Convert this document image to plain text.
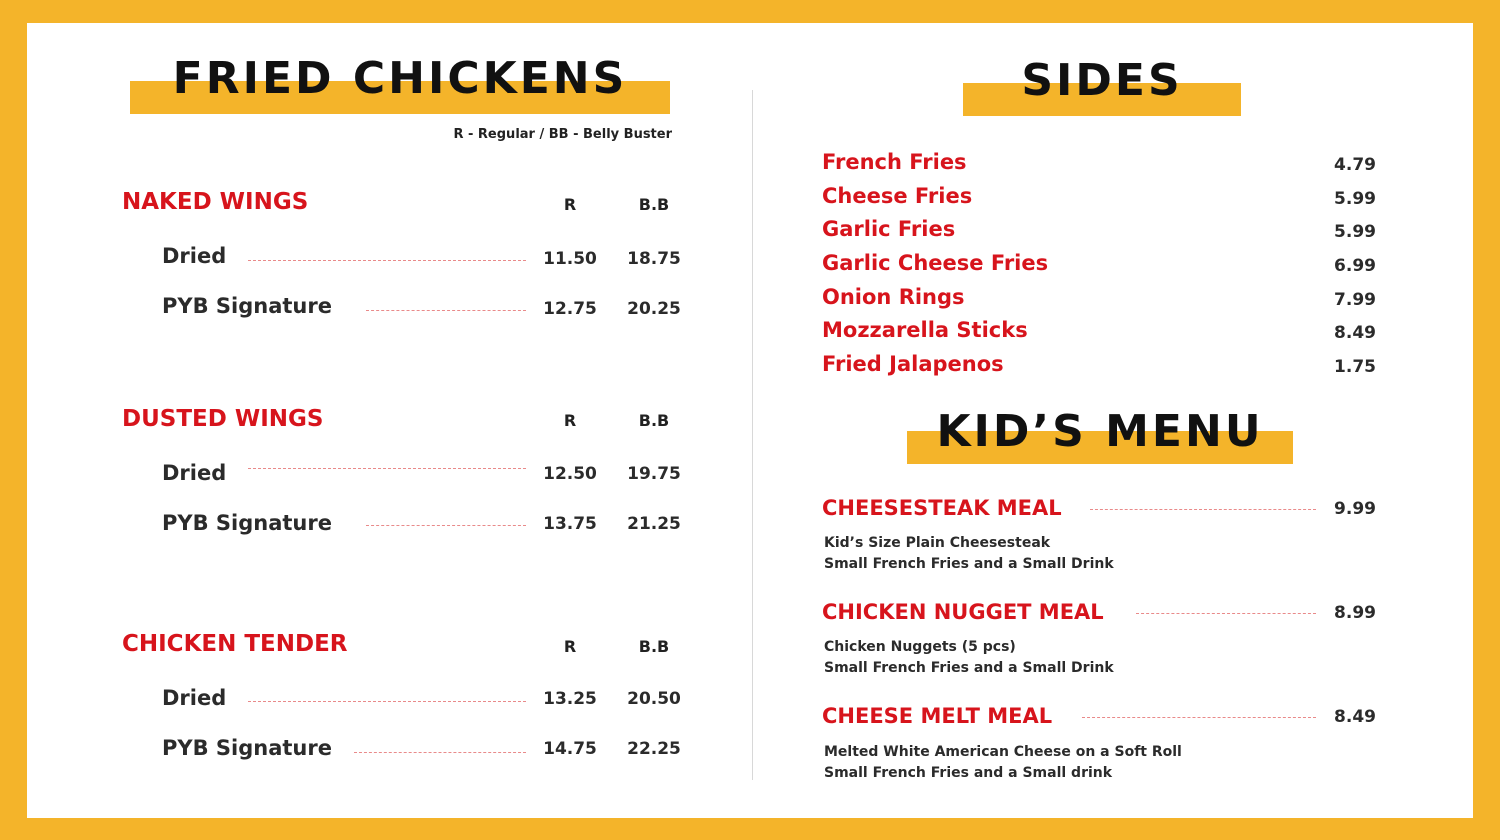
FRIED CHICKENS
R - Regular / BB - Belly Buster
NAKED WINGS	R	B.B
Dried	11.50	18.75
PYB Signature	12.75	20.25
DUSTED WINGS	R	B.B
Dried	12.50	19.75
PYB Signature	13.75	21.25
CHICKEN TENDER	R	B.B
Dried	13.25	20.50
PYB Signature	14.75	22.25
SIDES
French Fries	4.79
Cheese Fries	5.99
Garlic Fries	5.99
Garlic Cheese Fries	6.99
Onion Rings	7.99
Mozzarella Sticks	8.49
Fried Jalapenos	1.75
KID’S MENU
CHEESESTEAK MEAL	9.99
Kid’s Size Plain Cheesesteak
Small French Fries and a Small Drink
CHICKEN NUGGET MEAL	8.99
Chicken Nuggets (5 pcs)
Small French Fries and a Small Drink
CHEESE MELT MEAL	8.49
Melted White American Cheese on a Soft Roll
Small French Fries and a Small drink
